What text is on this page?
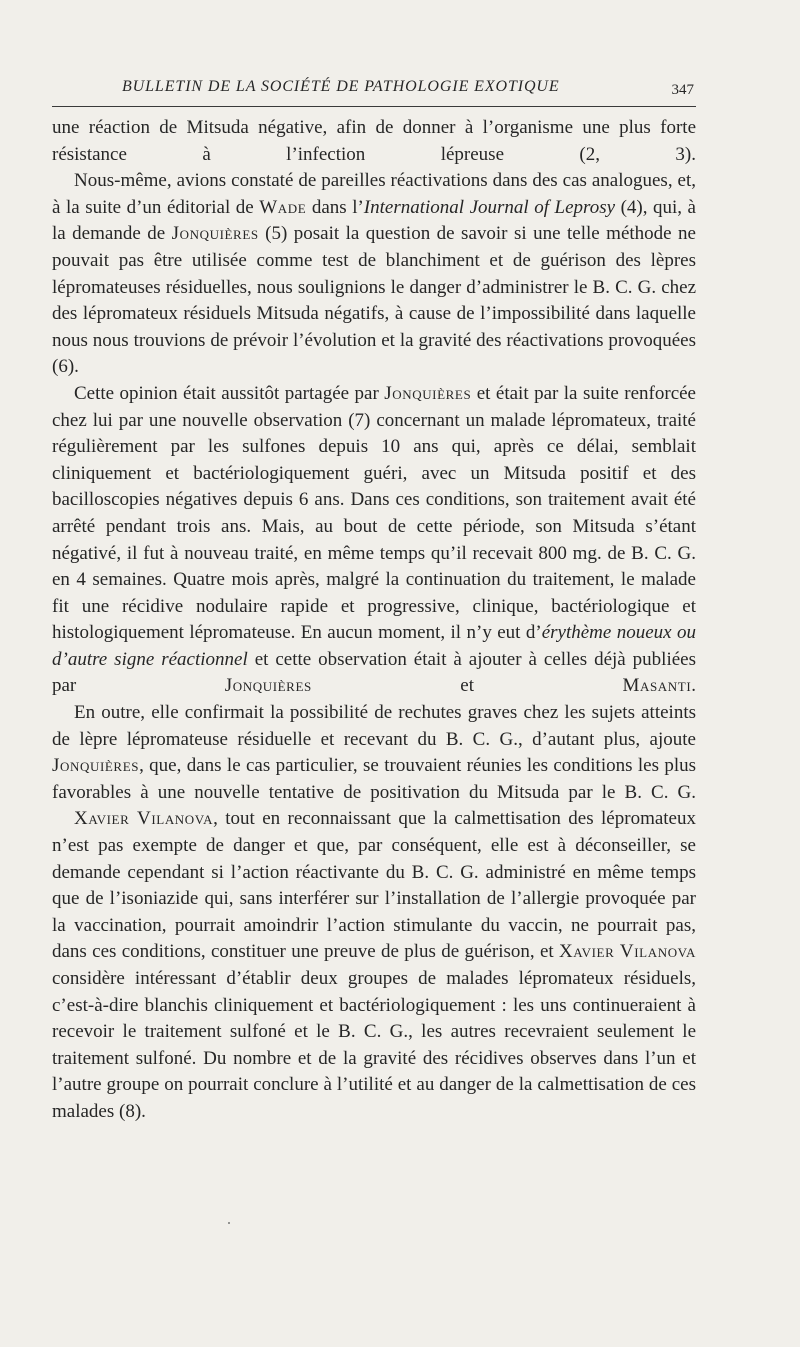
BULLETIN DE LA SOCIÉTÉ DE PATHOLOGIE EXOTIQUE	347

une réaction de Mitsuda négative, afin de donner à l’organisme une plus forte résistance à l’infection lépreuse (2, 3).

Nous-même, avions constaté de pareilles réactivations dans des cas analogues, et, à la suite d’un éditorial de Wade dans l’International Journal of Leprosy (4), qui, à la demande de Jonquières (5) posait la question de savoir si une telle méthode ne pouvait pas être utilisée comme test de blanchiment et de guérison des lèpres lépromateuses résiduelles, nous soulignions le danger d’administrer le B. C. G. chez des lépromateux résiduels Mitsuda négatifs, à cause de l’impossibilité dans laquelle nous nous trouvions de prévoir l’évolution et la gravité des réactivations provoquées (6).

Cette opinion était aussitôt partagée par Jonquières et était par la suite renforcée chez lui par une nouvelle observation (7) concernant un malade lépromateux, traité régulièrement par les sulfones depuis 10 ans qui, après ce délai, semblait cliniquement et bactériologiquement guéri, avec un Mitsuda positif et des bacilloscopies négatives depuis 6 ans. Dans ces conditions, son traitement avait été arrêté pendant trois ans. Mais, au bout de cette période, son Mitsuda s’étant négativé, il fut à nouveau traité, en même temps qu’il recevait 800 mg. de B. C. G. en 4 semaines. Quatre mois après, malgré la continuation du traitement, le malade fit une récidive nodulaire rapide et progressive, clinique, bactériologique et histologiquement lépromateuse. En aucun moment, il n’y eut d’érythème noueux ou d’autre signe réactionnel et cette observation était à ajouter à celles déjà publiées par Jonquières et Masanti.

En outre, elle confirmait la possibilité de rechutes graves chez les sujets atteints de lèpre lépromateuse résiduelle et recevant du B. C. G., d’autant plus, ajoute Jonquières, que, dans le cas particulier, se trouvaient réunies les conditions les plus favorables à une nouvelle tentative de positivation du Mitsuda par le B. C. G.

Xavier Vilanova, tout en reconnaissant que la calmettisation des lépromateux n’est pas exempte de danger et que, par conséquent, elle est à déconseiller, se demande cependant si l’action réactivante du B. C. G. administré en même temps que de l’isoniazide qui, sans interférer sur l’installation de l’allergie provoquée par la vaccination, pourrait amoindrir l’action stimulante du vaccin, ne pourrait pas, dans ces conditions, constituer une preuve de plus de guérison, et Xavier Vilanova considère intéressant d’établir deux groupes de malades lépromateux résiduels, c’est-à-dire blanchis cliniquement et bactériologiquement : les uns continueraient à recevoir le traitement sulfoné et le B. C. G., les autres recevraient seulement le traitement sulfoné. Du nombre et de la gravité des récidives observes dans l’un et l’autre groupe on pourrait conclure à l’utilité et au danger de la calmettisation de ces malades (8).
